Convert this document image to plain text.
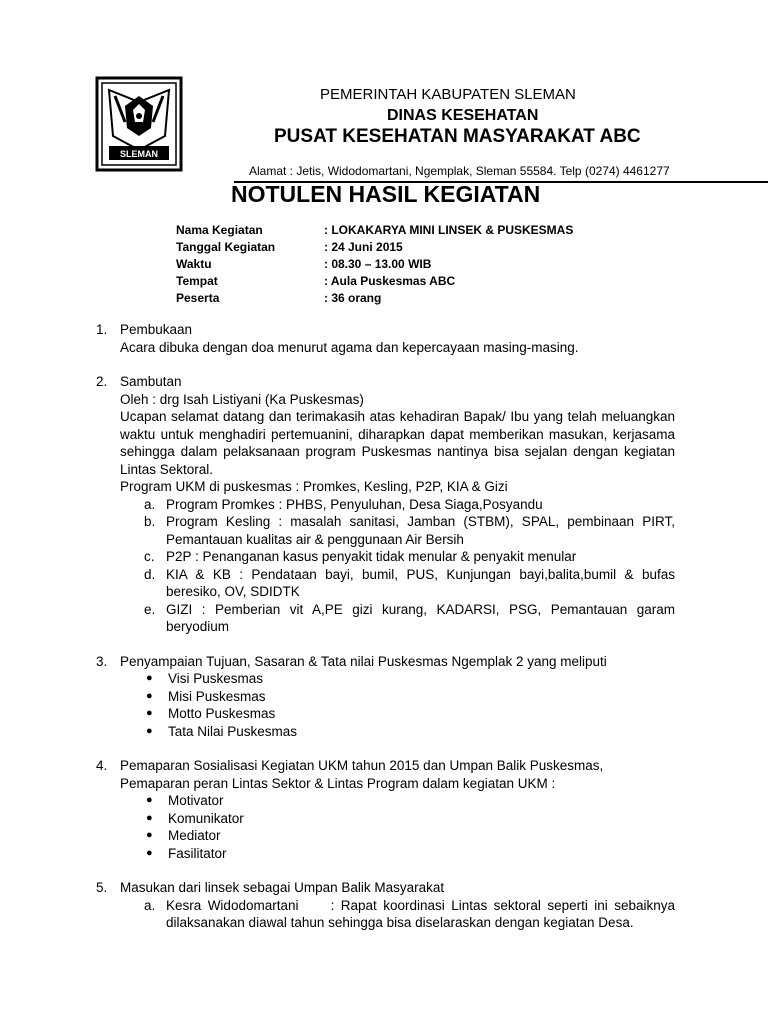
SLEMAN
PEMERINTAH KABUPATEN SLEMAN
DINAS KESEHATAN
PUSAT KESEHATAN MASYARAKAT ABC
Alamat : Jetis, Widodomartani, Ngemplak, Sleman 55584. Telp (0274) 4461277
NOTULEN HASIL KEGIATAN
Nama Kegiatan	: LOKAKARYA MINI LINSEK & PUSKESMAS
Tanggal Kegiatan	: 24 Juni 2015
Waktu	: 08.30 – 13.00 WIB
Tempat	: Aula Puskesmas ABC
Peserta	: 36 orang
1. Pembukaan
Acara dibuka dengan doa menurut agama dan kepercayaan masing-masing.
2. Sambutan
Oleh : drg Isah Listiyani (Ka Puskesmas)
Ucapan selamat datang dan terimakasih atas kehadiran Bapak/ Ibu yang telah meluangkan waktu untuk menghadiri pertemuanini, diharapkan dapat memberikan masukan, kerjasama sehingga dalam pelaksanaan program Puskesmas nantinya bisa sejalan dengan kegiatan Lintas Sektoral.
Program UKM di puskesmas : Promkes, Kesling, P2P, KIA & Gizi
a. Program Promkes : PHBS, Penyuluhan, Desa Siaga,Posyandu
b. Program Kesling : masalah sanitasi, Jamban (STBM), SPAL, pembinaan PIRT, Pemantauan kualitas air & penggunaan Air Bersih
c. P2P : Penanganan kasus penyakit tidak menular & penyakit menular
d. KIA & KB : Pendataan bayi, bumil, PUS, Kunjungan bayi,balita,bumil & bufas beresiko, OV, SDIDTK
e. GIZI : Pemberian vit A,PE gizi kurang, KADARSI, PSG, Pemantauan garam beryodium
3. Penyampaian Tujuan, Sasaran & Tata nilai Puskesmas Ngemplak 2 yang meliputi
●	Visi Puskesmas
●	Misi Puskesmas
●	Motto Puskesmas
●	Tata Nilai Puskesmas
4. Pemaparan Sosialisasi Kegiatan UKM tahun 2015 dan Umpan Balik Puskesmas,
Pemaparan peran Lintas Sektor & Lintas Program dalam kegiatan UKM :
●	Motivator
●	Komunikator
●	Mediator
●	Fasilitator
5. Masukan dari linsek sebagai Umpan Balik Masyarakat
a. Kesra Widodomartani     : Rapat koordinasi Lintas sektoral seperti ini sebaiknya dilaksanakan diawal tahun sehingga bisa diselaraskan dengan kegiatan Desa.
